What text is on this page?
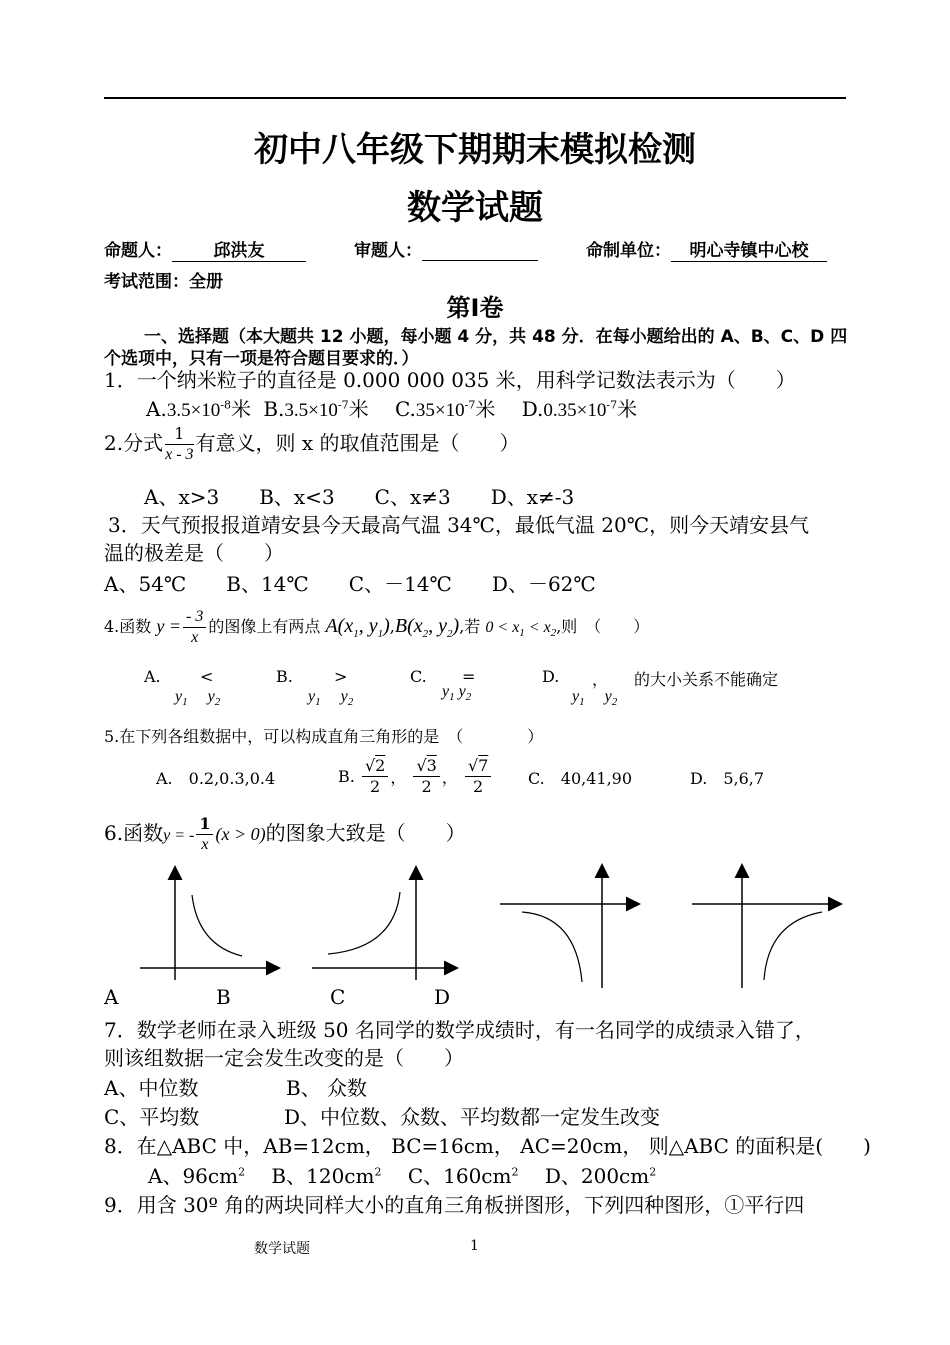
初中八年级下期期末模拟检测
数学试题
命题人： 邱洪友	审题人：	命制单位： 明心寺镇中心校
考试范围：全册
第Ⅰ卷
一、选择题（本大题共 12 小题，每小题 4 分，共 48 分．在每小题给出的 A、B、C、D 四
个选项中，只有一项是符合题目要求的．）
1．一个纳米粒子的直径是 0.000 000 035 米，用科学记数法表示为（　　）
$A.3.5\times 10^{-8}$米 $B.3.5\times 10^{-7}$米 $C.35\times 10^{-7}$米 $D.0.35\times 10^{-7}$米
2.分式 $\frac{1}{x - 3}$ 有意义，则 x 的取值范围是（　　）
A、x>3　　B、x<3　　C、x≠3　　D、x≠-3
3．天气预报报道靖安县今天最高气温 34℃，最低气温 20℃，则今天靖安县气
温的极差是（　　）
A、54℃　　B、14℃　　C、－14℃　　D、－62℃
4.函数 $y = \frac{- 3}{x}$ 的图像上有两点 $A(x_1$, $y_1),B(x_2$, $y_2$),若 $0 < x_1 < x_2$,则　（　　）
A. <
$y_1$　 $y_2$
B.	>
$y_1$　 $y_2$
C. =
$y_1$ $y_2$
D. ， 的大小关系不能确定
$y_1$　 $y_2$
5.在下列各组数据中，可以构成直角三角形的是　（　　　　）
A.　0.2,0.3,0.4	B. $\frac{√2}{2}$ ， $\frac{√3}{2}$ ， $\frac{√7}{2} C$.　40,41,90	D.　5,6,7
6.函数y = - $\frac{1}{x} (x > 0)$的图象大致是（　　）
A	B	C	D
7．数学老师在录入班级 50 名同学的数学成绩时，有一名同学的成绩录入错了，
则该组数据一定会发生改变的是（　　）
A、中位数	B、 众数
C、平均数	D、中位数、众数、平均数都一定发生改变
8．在△ABC 中，AB=12cm， BC=16cm， AC=20cm， 则△ABC 的面积是(　　)
A、$96cm^2$ B、$120cm^2$ C、$160cm^2$ D、$200cm^2$
9．用含 30º 角的两块同样大小的直角三角板拼图形，下列四种图形，①平行四
数学试题	1
